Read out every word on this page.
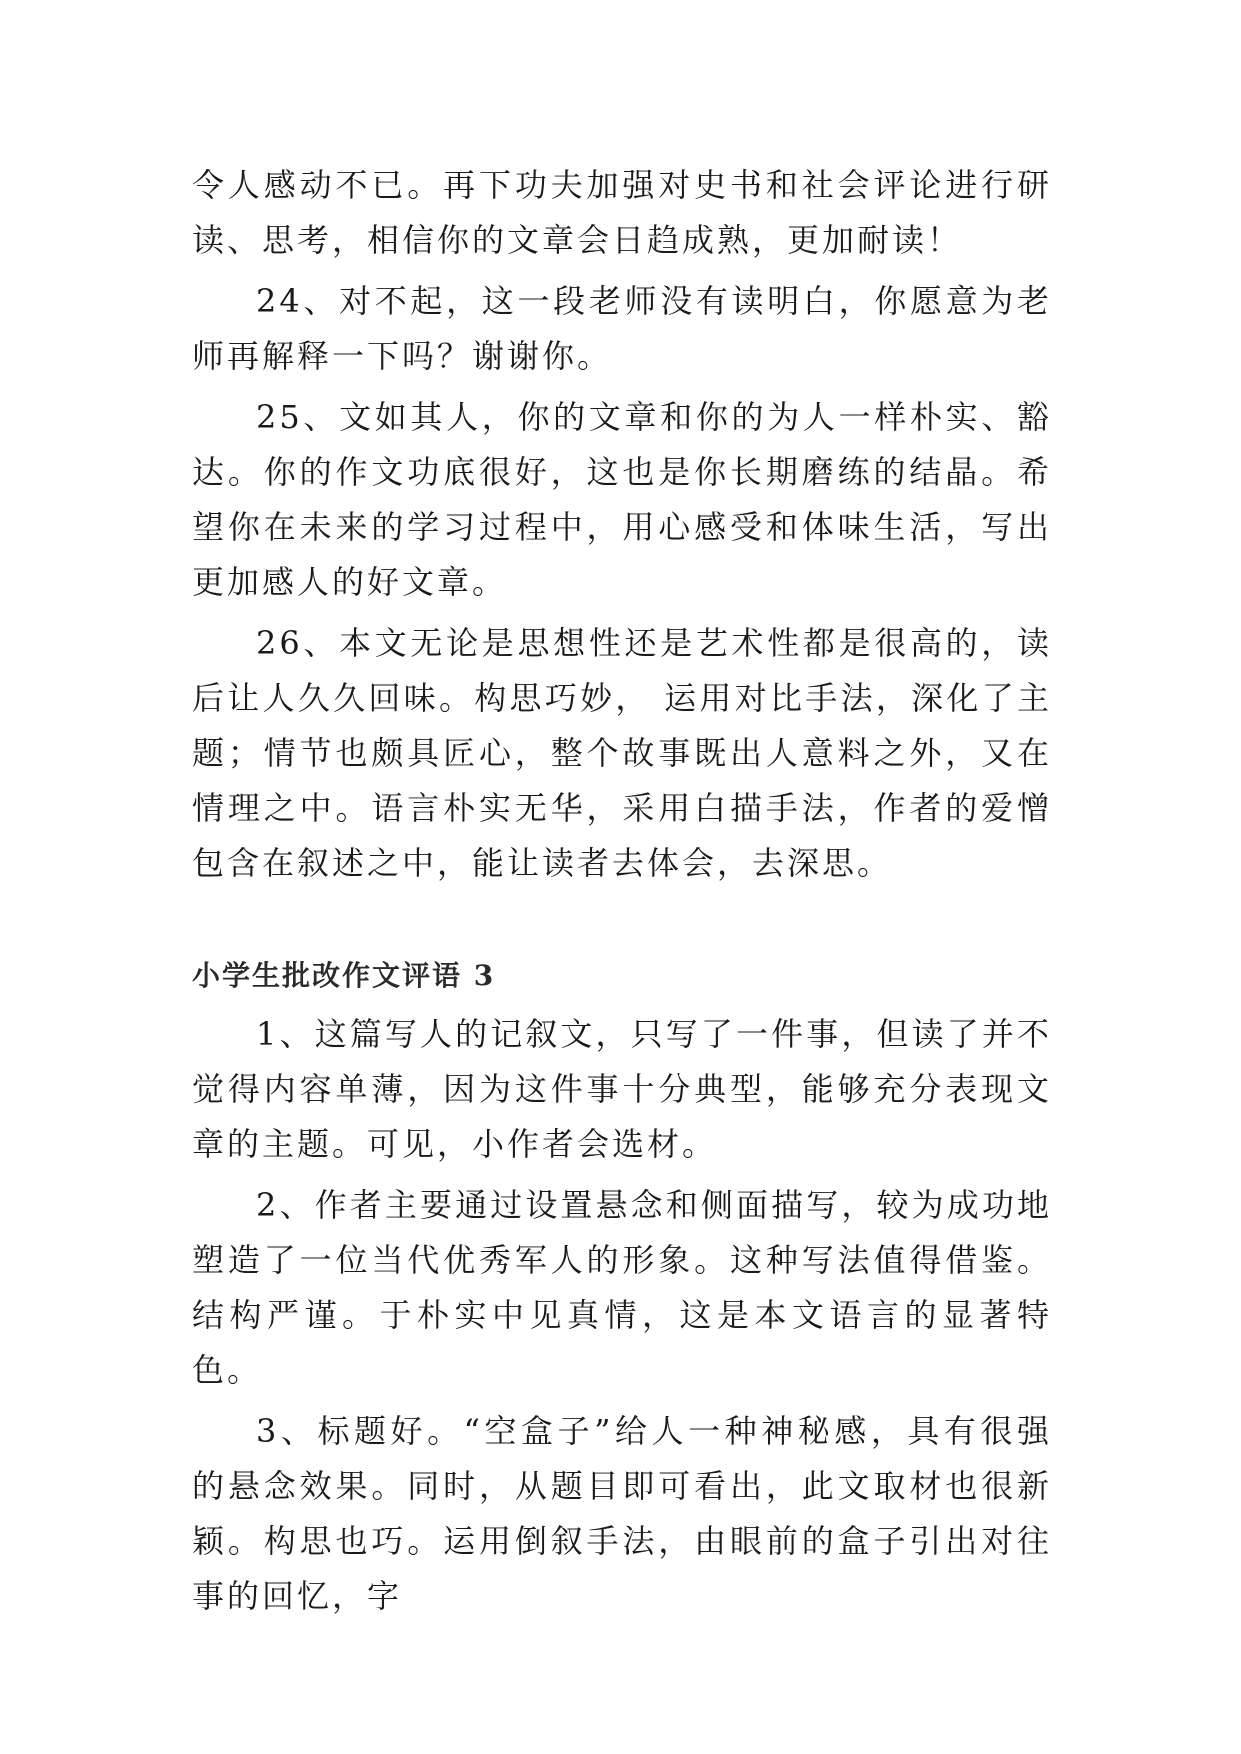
令人感动不已。再下功夫加强对史书和社会评论进行研读、思考，相信你的文章会日趋成熟，更加耐读！

24、对不起，这一段老师没有读明白，你愿意为老师再解释一下吗？谢谢你。

25、文如其人，你的文章和你的为人一样朴实、豁达。你的作文功底很好，这也是你长期磨练的结晶。希望你在未来的学习过程中，用心感受和体味生活，写出更加感人的好文章。

26、本文无论是思想性还是艺术性都是很高的，读后让人久久回味。构思巧妙， 运用对比手法，深化了主题；情节也颇具匠心，整个故事既出人意料之外，又在情理之中。语言朴实无华，采用白描手法，作者的爱憎包含在叙述之中，能让读者去体会，去深思。

小学生批改作文评语 3

1、这篇写人的记叙文，只写了一件事，但读了并不觉得内容单薄，因为这件事十分典型，能够充分表现文章的主题。可见，小作者会选材。

2、作者主要通过设置悬念和侧面描写，较为成功地塑造了一位当代优秀军人的形象。这种写法值得借鉴。结构严谨。于朴实中见真情，这是本文语言的显著特色。

3、标题好。“空盒子”给人一种神秘感，具有很强的悬念效果。同时，从题目即可看出，此文取材也很新颖。构思也巧。运用倒叙手法，由眼前的盒子引出对往事的回忆，字
